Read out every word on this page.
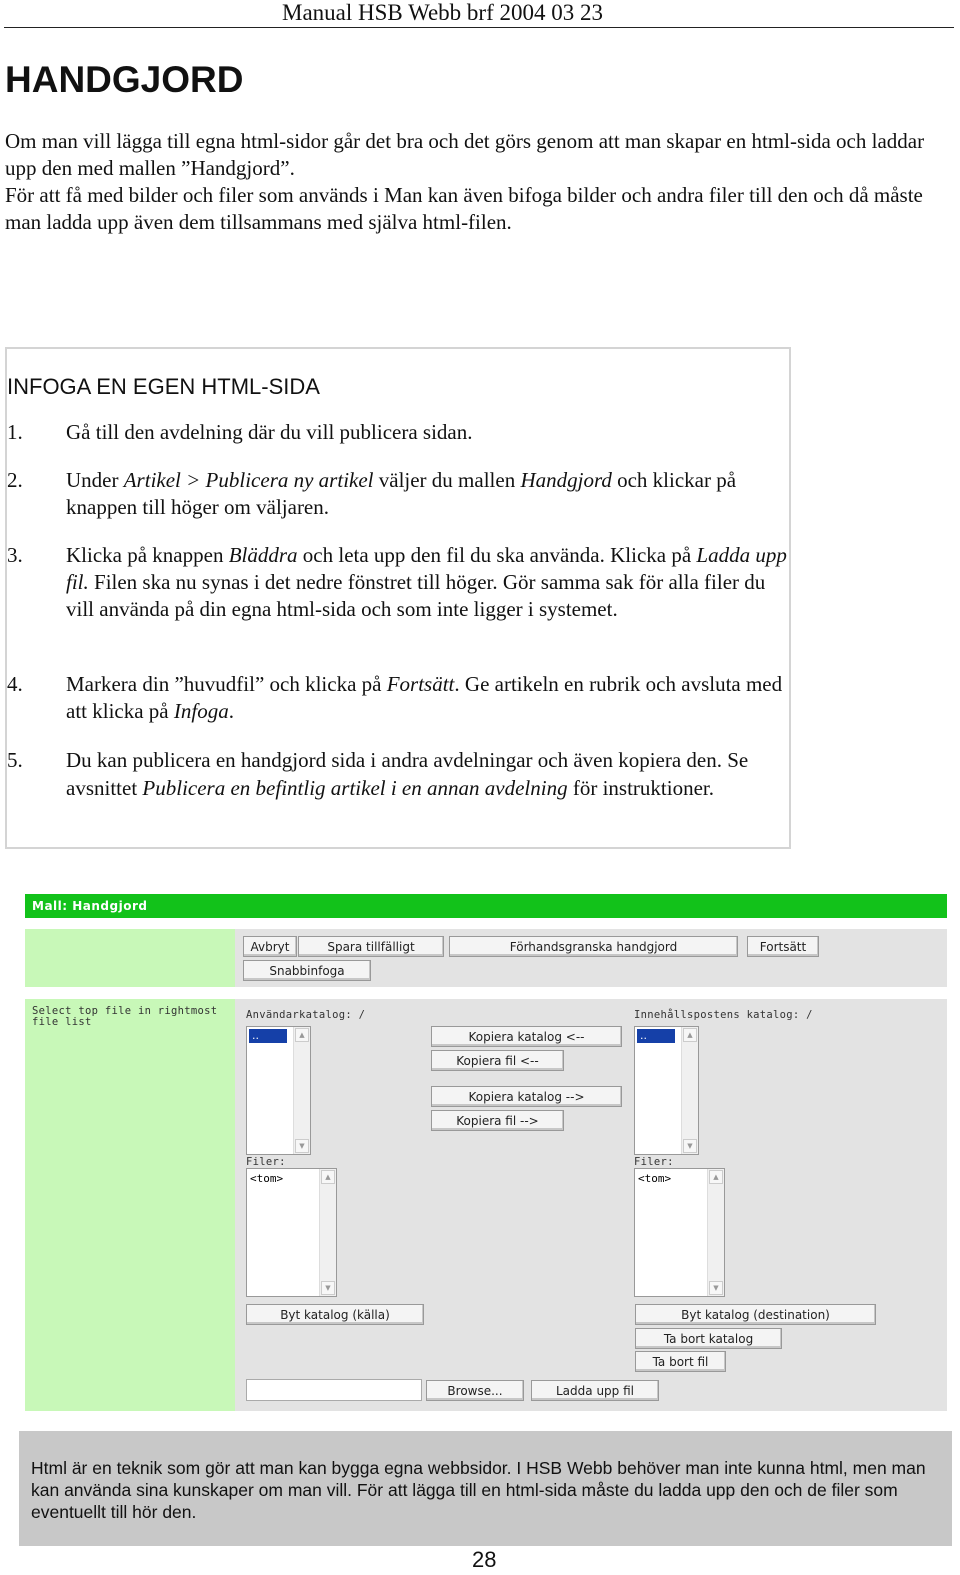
Manual HSB Webb brf 2004 03 23
HANDGJORD

Om man vill lägga till egna html-sidor går det bra och det görs genom att man skapar en html-sida och laddar upp den med mallen ”Handgjord”.

För att få med bilder och filer som används i Man kan även bifoga bilder och andra filer till den och då måste man ladda upp även dem tillsammans med själva html-filen.

INFOGA EN EGEN HTML-SIDA
1.	Gå till den avdelning där du vill publicera sidan.
2.	Under Artikel > Publicera ny artikel väljer du mallen Handgjord och klickar på knappen till höger om väljaren.
3.	Klicka på knappen Bläddra och leta upp den fil du ska använda. Klicka på Ladda upp fil. Filen ska nu synas i det nedre fönstret till höger. Gör samma sak för alla filer du vill använda på din egna html-sida och som inte ligger i systemet.
4.	Markera din ”huvudfil” och klicka på Fortsätt. Ge artikeln en rubrik och avsluta med att klicka på Infoga.
5.	Du kan publicera en handgjord sida i andra avdelningar och även kopiera den. Se avsnittet Publicera en befintlig artikel i en annan avdelning för instruktioner.
Mall: Handgjord
Avbryt	Spara tillfälligt	Förhandsgranska handgjord	Fortsätt
Snabbinfoga
Select top file in rightmost file list
Användarkatalog: /	Innehållspostens katalog: /
..	▲
▼
..	▲
▼
Kopiera katalog <--
Kopiera fil <--
Kopiera katalog -->
Kopiera fil -->
Filer:	Filer:
<tom>	▲
▼
<tom>	▲
▼
Byt katalog (källa)	Byt katalog (destination)
Ta bort katalog
Ta bort fil
Browse...	Ladda upp fil
Html är en teknik som gör att man kan bygga egna webbsidor. I HSB Webb behöver man inte kunna html, men man kan använda sina kunskaper om man vill. För att lägga till en html-sida måste du ladda upp den och de filer som eventuellt till hör den.
28
